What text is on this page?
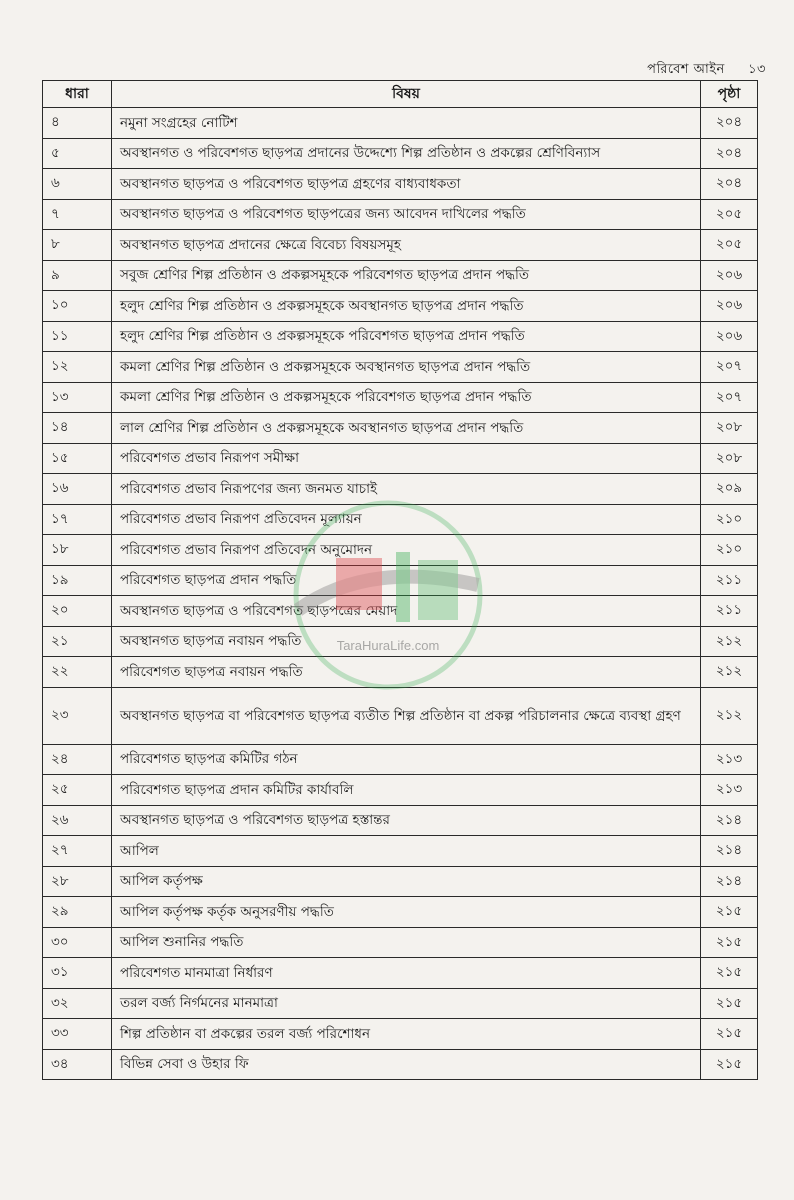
পরিবেশ আইন ১৩
ধারা	বিষয়	পৃষ্ঠা
৪	নমুনা সংগ্রহের নোটিশ	২০৪
৫	অবস্থানগত ও পরিবেশগত ছাড়পত্র প্রদানের উদ্দেশ্যে শিল্প প্রতিষ্ঠান ও প্রকল্পের শ্রেণিবিন্যাস	২০৪
৬	অবস্থানগত ছাড়পত্র ও পরিবেশগত ছাড়পত্র গ্রহণের বাধ্যবাধকতা	২০৪
৭	অবস্থানগত ছাড়পত্র ও পরিবেশগত ছাড়পত্রের জন্য আবেদন দাখিলের পদ্ধতি	২০৫
৮	অবস্থানগত ছাড়পত্র প্রদানের ক্ষেত্রে বিবেচ্য বিষয়সমূহ	২০৫
৯	সবুজ শ্রেণির শিল্প প্রতিষ্ঠান ও প্রকল্পসমূহকে পরিবেশগত ছাড়পত্র প্রদান পদ্ধতি	২০৬
১০	হলুদ শ্রেণির শিল্প প্রতিষ্ঠান ও প্রকল্পসমূহকে অবস্থানগত ছাড়পত্র প্রদান পদ্ধতি	২০৬
১১	হলুদ শ্রেণির শিল্প প্রতিষ্ঠান ও প্রকল্পসমূহকে পরিবেশগত ছাড়পত্র প্রদান পদ্ধতি	২০৬
১২	কমলা শ্রেণির শিল্প প্রতিষ্ঠান ও প্রকল্পসমূহকে অবস্থানগত ছাড়পত্র প্রদান পদ্ধতি	২০৭
১৩	কমলা শ্রেণির শিল্প প্রতিষ্ঠান ও প্রকল্পসমূহকে পরিবেশগত ছাড়পত্র প্রদান পদ্ধতি	২০৭
১৪	লাল শ্রেণির শিল্প প্রতিষ্ঠান ও প্রকল্পসমূহকে অবস্থানগত ছাড়পত্র প্রদান পদ্ধতি	২০৮
১৫	পরিবেশগত প্রভাব নিরূপণ সমীক্ষা	২০৮
১৬	পরিবেশগত প্রভাব নিরূপণের জন্য জনমত যাচাই	২০৯
১৭	পরিবেশগত প্রভাব নিরূপণ প্রতিবেদন মূল্যায়ন	২১০
১৮	পরিবেশগত প্রভাব নিরূপণ প্রতিবেদন অনুমোদন	২১০
১৯	পরিবেশগত ছাড়পত্র প্রদান পদ্ধতি	২১১
২০	অবস্থানগত ছাড়পত্র ও পরিবেশগত ছাড়পত্রের মেয়াদ	২১১
২১	অবস্থানগত ছাড়পত্র নবায়ন পদ্ধতি	২১২
২২	পরিবেশগত ছাড়পত্র নবায়ন পদ্ধতি	২১২
২৩	অবস্থানগত ছাড়পত্র বা পরিবেশগত ছাড়পত্র ব্যতীত শিল্প প্রতিষ্ঠান বা প্রকল্প পরিচালনার ক্ষেত্রে ব্যবস্থা গ্রহণ	২১২
২৪	পরিবেশগত ছাড়পত্র কমিটির গঠন	২১৩
২৫	পরিবেশগত ছাড়পত্র প্রদান কমিটির কার্যাবলি	২১৩
২৬	অবস্থানগত ছাড়পত্র ও পরিবেশগত ছাড়পত্র হস্তান্তর	২১৪
২৭	আপিল	২১৪
২৮	আপিল কর্তৃপক্ষ	২১৪
২৯	আপিল কর্তৃপক্ষ কর্তৃক অনুসরণীয় পদ্ধতি	২১৫
৩০	আপিল শুনানির পদ্ধতি	২১৫
৩১	পরিবেশগত মানমাত্রা নির্ধারণ	২১৫
৩২	তরল বর্জ্য নির্গমনের মানমাত্রা	২১৫
৩৩	শিল্প প্রতিষ্ঠান বা প্রকল্পের তরল বর্জ্য পরিশোধন	২১৫
৩৪	বিভিন্ন সেবা ও উহার ফি	২১৫
TaraHuraLife.com
